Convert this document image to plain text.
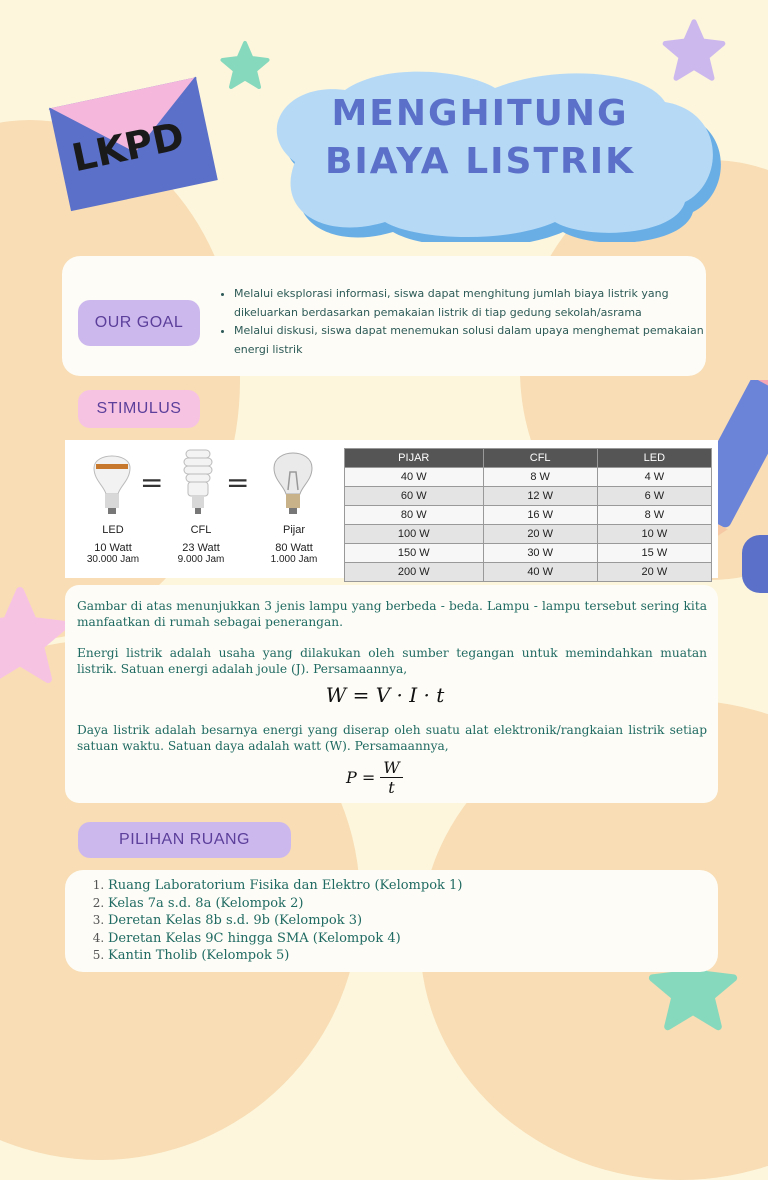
LKPD
MENGHITUNG
BIAYA LISTRIK
OUR GOAL
• Melalui eksplorasi informasi, siswa dapat menghitung jumlah biaya listrik yang dikeluarkan berdasarkan pemakaian listrik di tiap gedung sekolah/asrama
• Melalui diskusi, siswa dapat menemukan solusi dalam upaya menghemat pemakaian energi listrik
STIMULUS
= =
LED
10 Watt
30.000 Jam
CFL
23 Watt
9.000 Jam
Pijar
80 Watt
1.000 Jam
PIJAR	CFL	LED
40 W	8 W	4 W
60 W	12 W	6 W
80 W	16 W	8 W
100 W	20 W	10 W
150 W	30 W	15 W
200 W	40 W	20 W

Gambar di atas menunjukkan 3 jenis lampu yang berbeda - beda. Lampu - lampu tersebut sering kita manfaatkan di rumah sebagai penerangan.

Energi listrik adalah usaha yang dilakukan oleh sumber tegangan untuk memindahkan muatan listrik. Satuan energi adalah joule (J). Persamaannya,

W = V · I · t

Daya listrik adalah besarnya energi yang diserap oleh suatu alat elektronik/rangkaian listrik setiap satuan waktu. Satuan daya adalah watt (W). Persamaannya,

$P = \frac{W}{t}$
PILIHAN RUANG
1. Ruang Laboratorium Fisika dan Elektro (Kelompok 1)
2. Kelas 7a s.d. 8a (Kelompok 2)
3. Deretan Kelas 8b s.d. 9b (Kelompok 3)
4. Deretan Kelas 9C hingga SMA (Kelompok 4)
5. Kantin Tholib (Kelompok 5)
